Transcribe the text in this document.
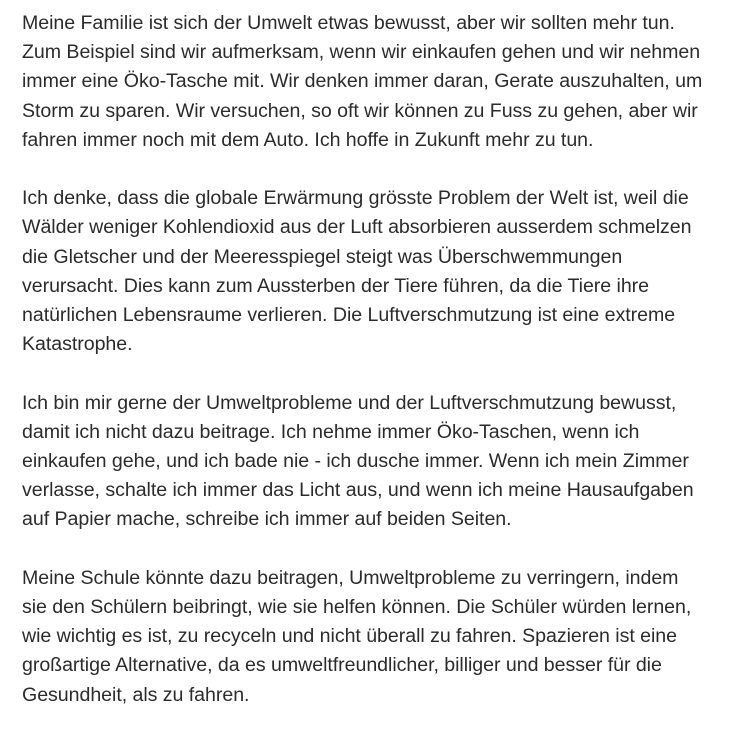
Meine Familie ist sich der Umwelt etwas bewusst, aber wir sollten mehr tun.
Zum Beispiel sind wir aufmerksam, wenn wir einkaufen gehen und wir nehmen
immer eine Öko-Tasche mit. Wir denken immer daran, Gerate auszuhalten, um
Storm zu sparen. Wir versuchen, so oft wir können zu Fuss zu gehen, aber wir
fahren immer noch mit dem Auto. Ich hoffe in Zukunft mehr zu tun.

Ich denke, dass die globale Erwärmung grösste Problem der Welt ist, weil die
Wälder weniger Kohlendioxid aus der Luft absorbieren ausserdem schmelzen
die Gletscher und der Meeresspiegel steigt was Überschwemmungen
verursacht. Dies kann zum Aussterben der Tiere führen, da die Tiere ihre
natürlichen Lebensraume verlieren. Die Luftverschmutzung ist eine extreme
Katastrophe.

Ich bin mir gerne der Umweltprobleme und der Luftverschmutzung bewusst,
damit ich nicht dazu beitrage. Ich nehme immer Öko-Taschen, wenn ich
einkaufen gehe, und ich bade nie - ich dusche immer. Wenn ich mein Zimmer
verlasse, schalte ich immer das Licht aus, und wenn ich meine Hausaufgaben
auf Papier mache, schreibe ich immer auf beiden Seiten.

Meine Schule könnte dazu beitragen, Umweltprobleme zu verringern, indem
sie den Schülern beibringt, wie sie helfen können. Die Schüler würden lernen,
wie wichtig es ist, zu recyceln und nicht überall zu fahren. Spazieren ist eine
großartige Alternative, da es umweltfreundlicher, billiger und besser für die
Gesundheit, als zu fahren.
